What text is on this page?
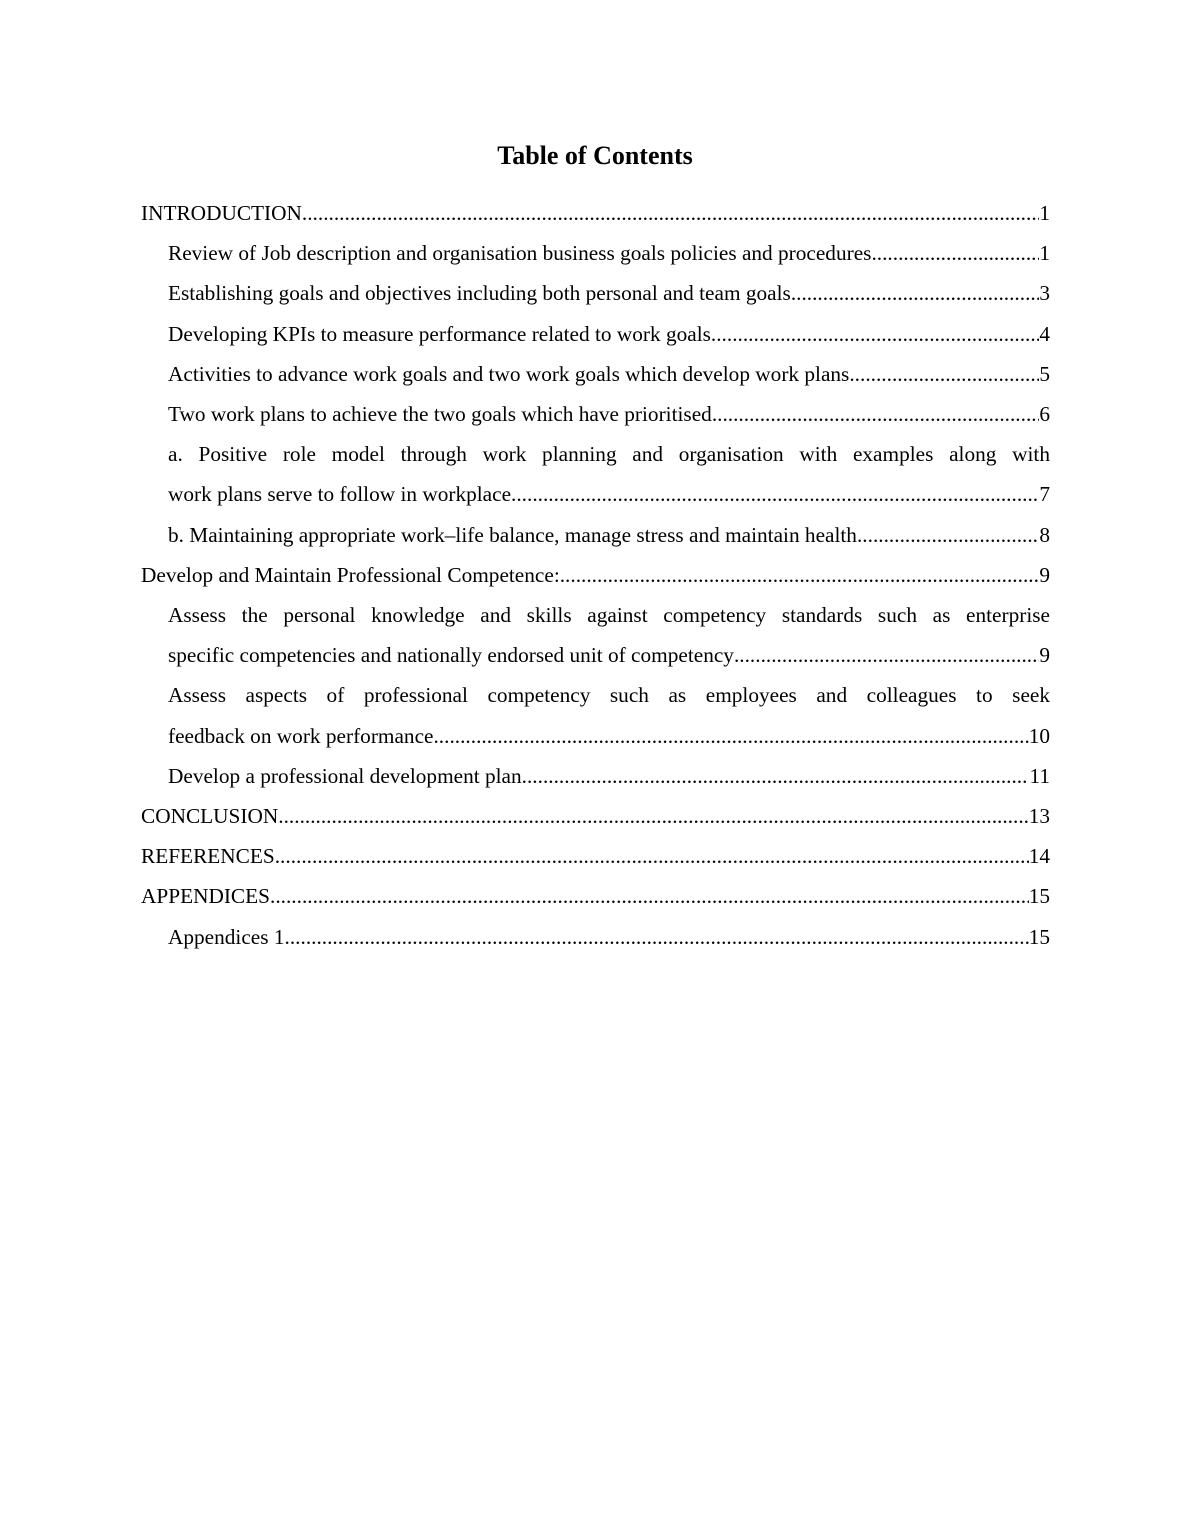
Table of Contents
INTRODUCTION .....	1
Review of Job description and organisation business goals policies and procedures .....	1
Establishing goals and objectives including both personal and team goals .....	3
Developing KPIs to measure performance related to work goals .....	4
Activities to advance work goals and two work goals which develop work plans .....	5
Two work plans to achieve the two goals which have prioritised .....	6
a. Positive role model through work planning and organisation with examples along with
work plans serve to follow in workplace .....	7
b. Maintaining appropriate work–life balance, manage stress and maintain health .....	8
Develop and Maintain Professional Competence: .....	9
Assess the personal knowledge and skills against competency standards such as enterprise
specific competencies and nationally endorsed unit of competency .....	9
Assess aspects of professional competency such as employees and colleagues to seek
feedback on work performance .....	10
Develop a professional development plan .....	11
CONCLUSION .....	13
REFERENCES .....	14
APPENDICES .....	15
Appendices 1 .....	15
